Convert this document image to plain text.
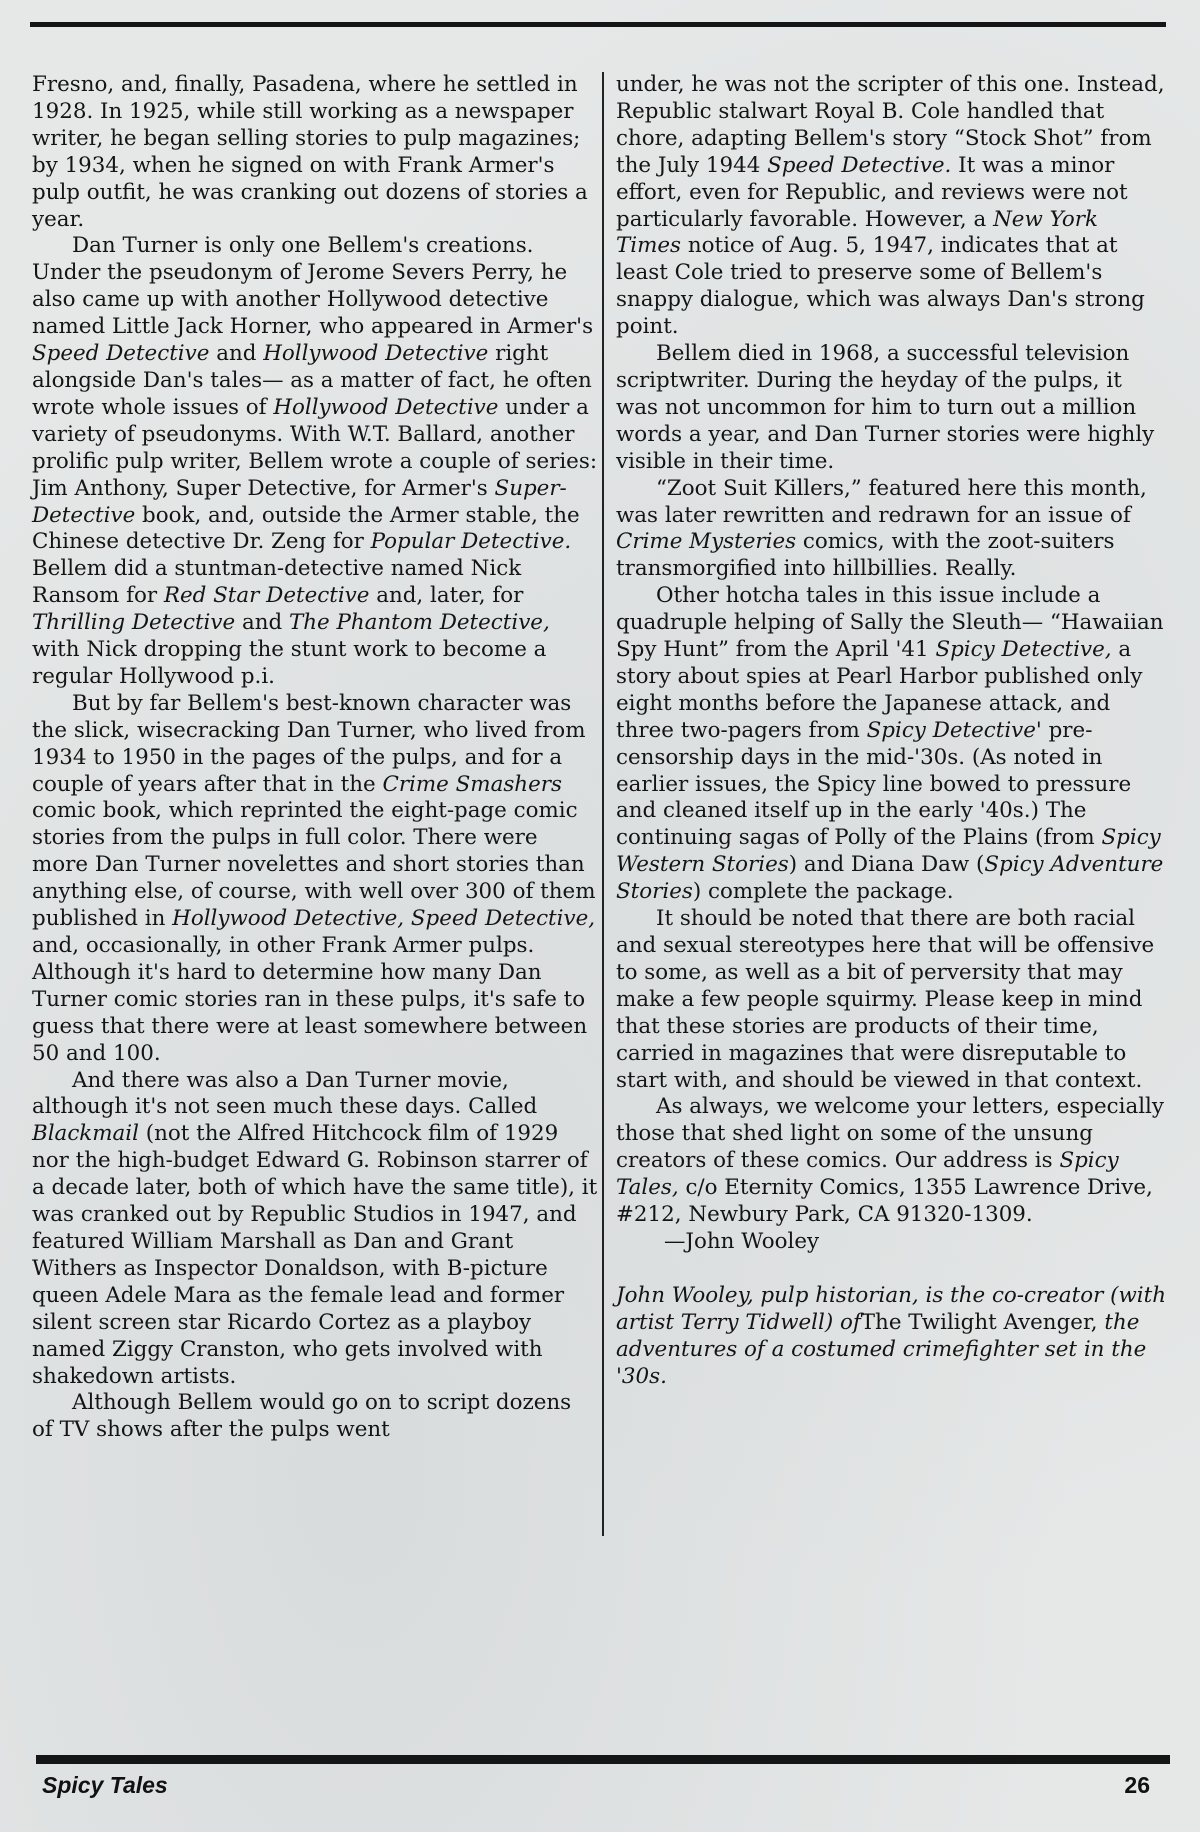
Fresno, and, finally, Pasadena, where he settled in 1928. In 1925, while still working as a newspaper writer, he began selling stories to pulp magazines; by 1934, when he signed on with Frank Armer's pulp outfit, he was cranking out dozens of stories a year.

Dan Turner is only one Bellem's creations. Under the pseudonym of Jerome Severs Perry, he also came up with another Hollywood detective named Little Jack Horner, who appeared in Armer's Speed Detective and Hollywood Detective right alongside Dan's tales— as a matter of fact, he often wrote whole issues of Hollywood Detective under a variety of pseudonyms. With W.T. Ballard, another prolific pulp writer, Bellem wrote a couple of series: Jim Anthony, Super Detective, for Armer's Super-Detective book, and, outside the Armer stable, the Chinese detective Dr. Zeng for Popular Detective. Bellem did a stuntman-detective named Nick Ransom for Red Star Detective and, later, for Thrilling Detective and The Phantom Detective, with Nick dropping the stunt work to become a regular Hollywood p.i.

But by far Bellem's best-known character was the slick, wisecracking Dan Turner, who lived from 1934 to 1950 in the pages of the pulps, and for a couple of years after that in the Crime Smashers comic book, which reprinted the eight-page comic stories from the pulps in full color. There were more Dan Turner novelettes and short stories than anything else, of course, with well over 300 of them published in Hollywood Detective, Speed Detective, and, occasionally, in other Frank Armer pulps. Although it's hard to determine how many Dan Turner comic stories ran in these pulps, it's safe to guess that there were at least somewhere between 50 and 100.

And there was also a Dan Turner movie, although it's not seen much these days. Called Blackmail (not the Alfred Hitchcock film of 1929 nor the high-budget Edward G. Robinson starrer of a decade later, both of which have the same title), it was cranked out by Republic Studios in 1947, and featured William Marshall as Dan and Grant Withers as Inspector Donaldson, with B-picture queen Adele Mara as the female lead and former silent screen star Ricardo Cortez as a playboy named Ziggy Cranston, who gets involved with shakedown artists.

Although Bellem would go on to script dozens of TV shows after the pulps went

under, he was not the scripter of this one. Instead, Republic stalwart Royal B. Cole handled that chore, adapting Bellem's story “Stock Shot” from the July 1944 Speed Detective. It was a minor effort, even for Republic, and reviews were not particularly favorable. However, a New York Times notice of Aug. 5, 1947, indicates that at least Cole tried to preserve some of Bellem's snappy dialogue, which was always Dan's strong point.

Bellem died in 1968, a successful television scriptwriter. During the heyday of the pulps, it was not uncommon for him to turn out a million words a year, and Dan Turner stories were highly visible in their time.

“Zoot Suit Killers,” featured here this month, was later rewritten and redrawn for an issue of Crime Mysteries comics, with the zoot-suiters transmorgified into hillbillies. Really.

Other hotcha tales in this issue include a quadruple helping of Sally the Sleuth— “Hawaiian Spy Hunt” from the April '41 Spicy Detective, a story about spies at Pearl Harbor published only eight months before the Japanese attack, and three two-pagers from Spicy Detective' pre-censorship days in the mid-'30s. (As noted in earlier issues, the Spicy line bowed to pressure and cleaned itself up in the early '40s.) The continuing sagas of Polly of the Plains (from Spicy Western Stories) and Diana Daw (Spicy Adventure Stories) complete the package.

It should be noted that there are both racial and sexual stereotypes here that will be offensive to some, as well as a bit of perversity that may make a few people squirmy. Please keep in mind that these stories are products of their time, carried in magazines that were disreputable to start with, and should be viewed in that context.

As always, we welcome your letters, especially those that shed light on some of the unsung creators of these comics. Our address is Spicy Tales, c/o Eternity Comics, 1355 Lawrence Drive, #212, Newbury Park, CA 91320-1309.

—John Wooley

John Wooley, pulp historian, is the co-creator (with artist Terry Tidwell) ofThe Twilight Avenger, the adventures of a costumed crimefighter set in the '30s.

Spicy Tales	26
